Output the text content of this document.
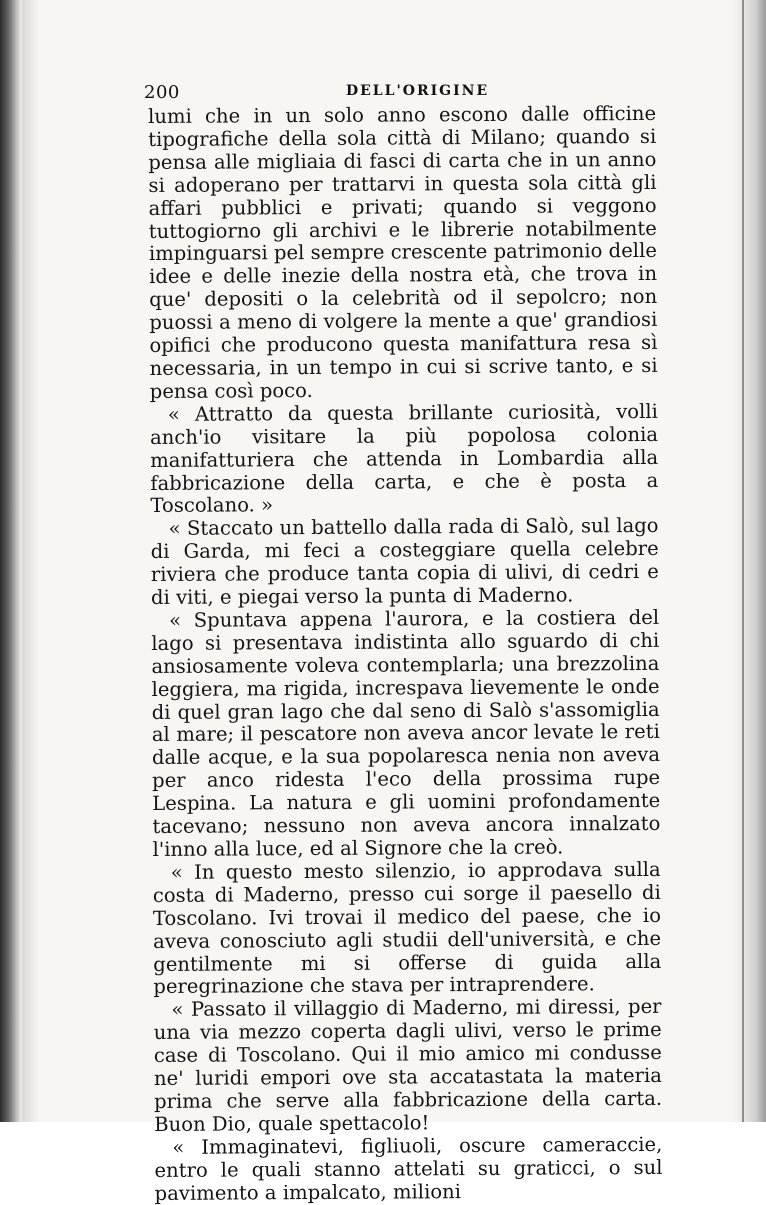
200	DELL'ORIGINE

lumi che in un solo anno escono dalle officine tipografiche della sola città di Milano; quando si pensa alle migliaia di fasci di carta che in un anno si adoperano per trattarvi in questa sola città gli affari pubblici e privati; quando si veggono tuttogiorno gli archivi e le librerie notabilmente impinguarsi pel sempre crescente patrimonio delle idee e delle inezie della nostra età, che trova in que' depositi o la celebrità od il sepolcro; non puossi a meno di volgere la mente a que' grandiosi opifici che producono questa manifattura resa sì necessaria, in un tempo in cui si scrive tanto, e si pensa così poco.

« Attratto da questa brillante curiosità, volli anch'io visitare la più popolosa colonia manifatturiera che attenda in Lombardia alla fabbricazione della carta, e che è posta a Toscolano. »

« Staccato un battello dalla rada di Salò, sul lago di Garda, mi feci a costeggiare quella celebre riviera che produce tanta copia di ulivi, di cedri e di viti, e piegai verso la punta di Maderno.

« Spuntava appena l'aurora, e la costiera del lago si presentava indistinta allo sguardo di chi ansiosamente voleva contemplarla; una brezzolina leggiera, ma rigida, increspava lievemente le onde di quel gran lago che dal seno di Salò s'assomiglia al mare; il pescatore non aveva ancor levate le reti dalle acque, e la sua popolaresca nenia non aveva per anco ridesta l'eco della prossima rupe Lespina. La natura e gli uomini profondamente tacevano; nessuno non aveva ancora innalzato l'inno alla luce, ed al Signore che la creò.

« In questo mesto silenzio, io approdava sulla costa di Maderno, presso cui sorge il paesello di Toscolano. Ivi trovai il medico del paese, che io aveva conosciuto agli studii dell'università, e che gentilmente mi si offerse di guida alla peregrinazione che stava per intraprendere.

« Passato il villaggio di Maderno, mi diressi, per una via mezzo coperta dagli ulivi, verso le prime case di Toscolano. Qui il mio amico mi condusse ne' luridi empori ove sta accatastata la materia prima che serve alla fabbricazione della carta. Buon Dio, quale spettacolo!

« Immaginatevi, figliuoli, oscure cameraccie, entro le quali stanno attelati su graticci, o sul pavimento a impalcato, milioni
